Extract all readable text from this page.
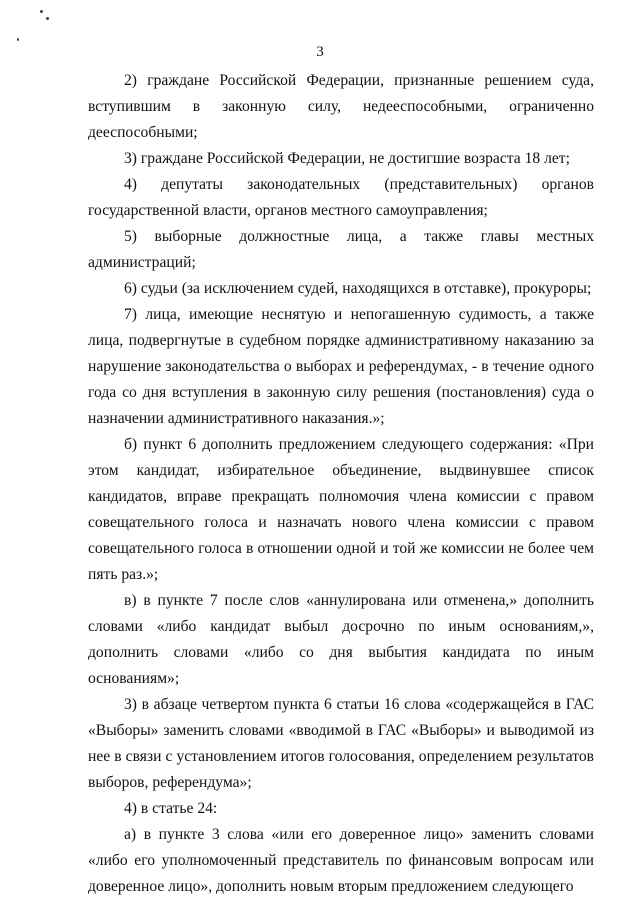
3

2) граждане Российской Федерации, признанные решением суда, вступившим в законную силу, недееспособными, ограниченно дееспособными;

3) граждане Российской Федерации, не достигшие возраста 18 лет;

4) депутаты законодательных (представительных) органов государственной власти, органов местного самоуправления;

5) выборные должностные лица, а также главы местных администраций;

6) судьи (за исключением судей, находящихся в отставке), прокуроры;

7) лица, имеющие неснятую и непогашенную судимость, а также лица, подвергнутые в судебном порядке административному наказанию за нарушение законодательства о выборах и референдумах, - в течение одного года со дня вступления в законную силу решения (постановления) суда о назначении административного наказания.»;

б) пункт 6 дополнить предложением следующего содержания: «При этом кандидат, избирательное объединение, выдвинувшее список кандидатов, вправе прекращать полномочия члена комиссии с правом совещательного голоса и назначать нового члена комиссии с правом совещательного голоса в отношении одной и той же комиссии не более чем пять раз.»;

в) в пункте 7 после слов «аннулирована или отменена,» дополнить словами «либо кандидат выбыл досрочно по иным основаниям,», дополнить словами «либо со дня выбытия кандидата по иным основаниям»;

3) в абзаце четвертом пункта 6 статьи 16 слова «содержащейся в ГАС «Выборы» заменить словами «вводимой в ГАС «Выборы» и выводимой из нее в связи с установлением итогов голосования, определением результатов выборов, референдума»;

4) в статье 24:

а) в пункте 3 слова «или его доверенное лицо» заменить словами «либо его уполномоченный представитель по финансовым вопросам или доверенное лицо», дополнить новым вторым предложением следующего
